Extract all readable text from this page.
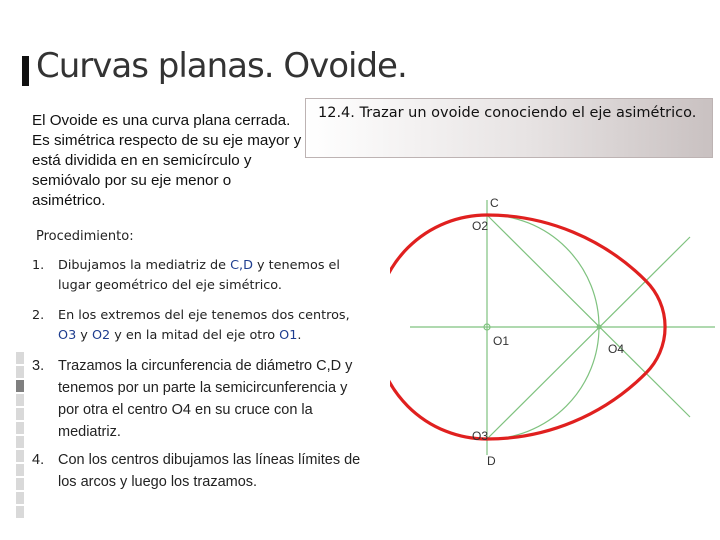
Curvas planas. Ovoide.
12.4. Trazar un ovoide conociendo el eje asimétrico.
El Ovoide es una curva plana cerrada. Es simétrica respecto de su eje mayor y está dividida en en semicírculo y semióvalo por su eje menor o asimétrico.
Procedimiento:
1. Dibujamos la mediatriz de C,D y tenemos el lugar geométrico del eje simétrico.
2. En los extremos del eje tenemos dos centros, O3 y O2 y en la mitad del eje otro O1.
3. Trazamos la circunferencia de diámetro C,D y tenemos por un parte la semicircunferencia y por otra el centro O4 en su cruce con la mediatriz.
4. Con los centros dibujamos las líneas límites de los arcos y luego los trazamos.
C
O2
O1
O4
O3
D
